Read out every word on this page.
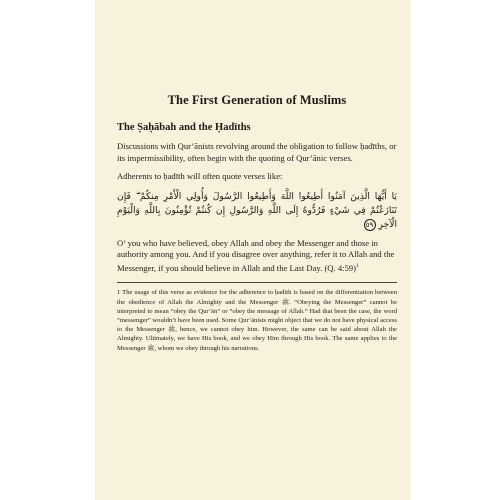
The First Generation of Muslims
The Ṣaḥābah and the Ḥadīths

Discussions with Qur’ānists revolving around the obligation to follow ḥadīths, or its impermissibility, often begin with the quoting of Qur’ānic verses.

Adherents to ḥadīth will often quote verses like:

يَا أَيُّهَا الَّذِينَ آمَنُوا أَطِيعُوا اللَّهَ وَأَطِيعُوا الرَّسُولَ وَأُولِي الْأَمْرِ مِنكُمْ ۖ فَإِن تَنَازَعْتُمْ فِي شَيْءٍ فَرُدُّوهُ إِلَى اللَّهِ وَالرَّسُولِ إِن كُنتُمْ تُؤْمِنُونَ بِاللَّهِ وَالْيَوْمِ الْآخِرِ ٥٩

O’ you who have believed, obey Allah and obey the Messenger and those in authority among you. And if you disagree over anything, refer it to Allah and the Messenger, if you should believe in Allah and the Last Day. (Q. 4:59)$^1$

1 The usage of this verse as evidence for the adherence to ḥadīth is based on the differentiation between the obedience of Allah the Almighty and the Messenger ﷺ. “Obeying the Messenger” cannot be interpreted to mean “obey the Qur’ān” or “obey the message of Allah.” Had that been the case, the word “messenger” wouldn’t have been used. Some Qur’ānists might object that we do not have physical access to the Messenger ﷺ, hence, we cannot obey him. However, the same can be said about Allah the Almighty. Ultimately, we have His book, and we obey Him through His book. The same applies to the Messenger ﷺ, whom we obey through his narrations.
